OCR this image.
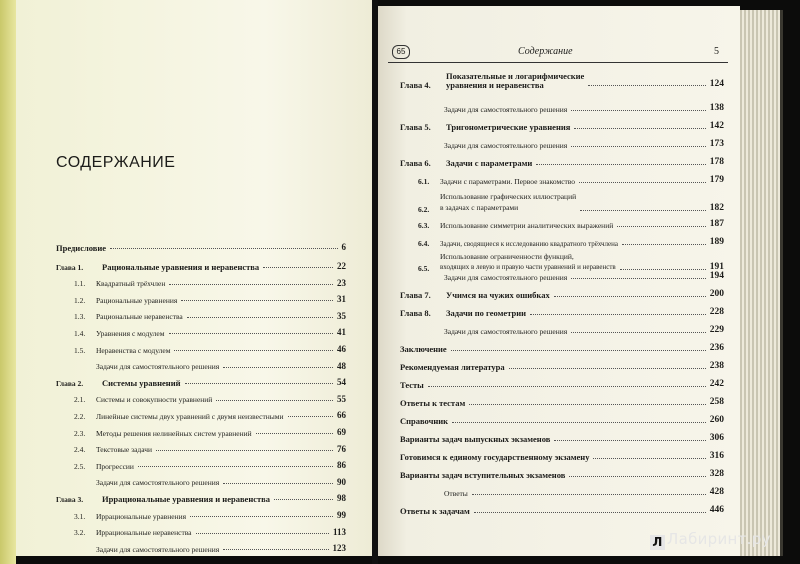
СОДЕРЖАНИЕ
Предисловие	6
Глава 1.	Рациональные уравнения и неравенства	22
1.1.	Квадратный трёхчлен	23
1.2.	Рациональные уравнения	31
1.3.	Рациональные неравенства	35
1.4.	Уравнения с модулем	41
1.5.	Неравенства с модулем	46
Задачи для самостоятельного решения	48
Глава 2.	Системы уравнений	54
2.1.	Системы и совокупности уравнений	55
2.2.	Линейные системы двух уравнений с двумя неизвестными	66
2.3.	Методы решения нелинейных систем уравнений	69
2.4.	Текстовые задачи	76
2.5.	Прогрессии	86
Задачи для самостоятельного решения	90
Глава 3.	Иррациональные уравнения и неравенства	98
3.1.	Иррациональные уравнения	99
3.2.	Иррациональные неравенства	113
Задачи для самостоятельного решения	123
65	Содержание	5
Глава 4.
Показательные и логарифмические
уравнения и неравенства	124
Задачи для самостоятельного решения	138
Глава 5.	Тригонометрические уравнения	142
Задачи для самостоятельного решения	173
Глава 6.	Задачи с параметрами	178
6.1.	Задачи с параметрами. Первое знакомство	179
6.2.
Использование графических иллюстраций
в задачах с параметрами	182
6.3.	Использование симметрии аналитических выражений	187
6.4.	Задачи, сводящиеся к исследованию квадратного трёхчлена	189
6.5.
Использование ограниченности функций,
входящих в левую и правую части уравнений и неравенств	191
Задачи для самостоятельного решения	194
Глава 7.	Учимся на чужих ошибках	200
Глава 8.	Задачи по геометрии	228
Задачи для самостоятельного решения	229
Заключение	236
Рекомендуемая литература	238
Тесты	242
Ответы к тестам	258
Справочник	260
Варианты задач выпускных экзаменов	306
Готовимся к единому государственному экзамену	316
Варианты задач вступительных экзаменов	328
Ответы	428
Ответы к задачам	446
Л Лабиринт.ру
